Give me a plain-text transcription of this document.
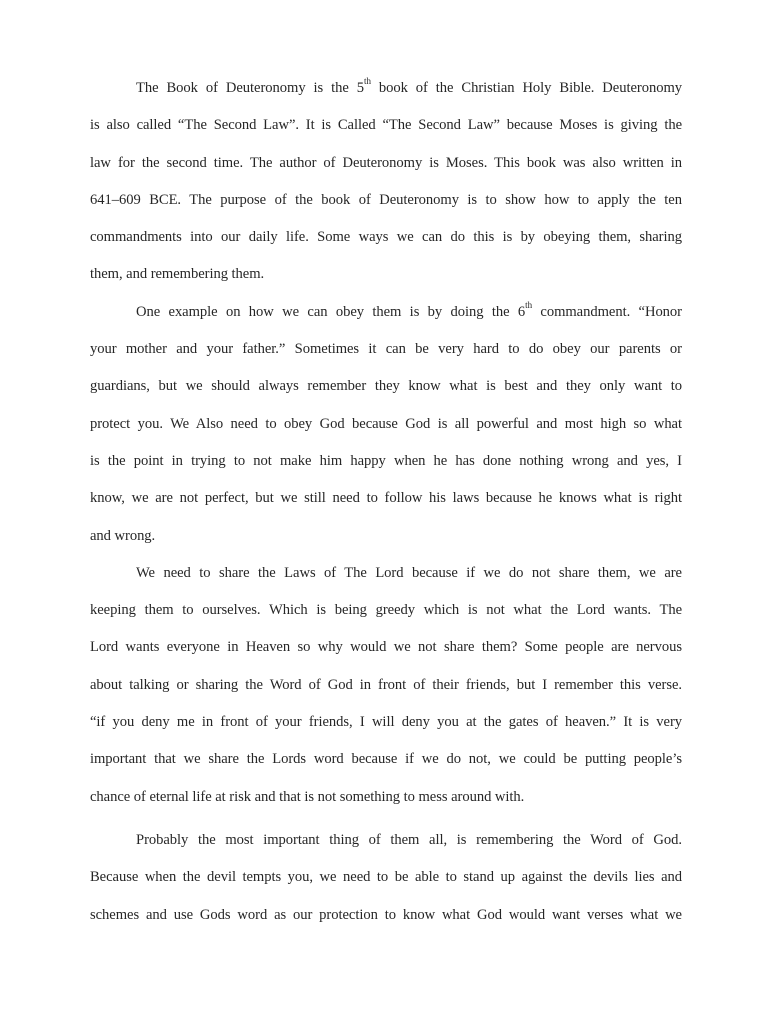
The Book of Deuteronomy is the 5th book of the Christian Holy Bible. Deuteronomy
is also called “The Second Law”. It is Called “The Second Law” because Moses is giving the
law for the second time. The author of Deuteronomy is Moses. This book was also written in
641–609 BCE. The purpose of the book of Deuteronomy is to show how to apply the ten
commandments into our daily life. Some ways we can do this is by obeying them, sharing
them, and remembering them.
One example on how we can obey them is by doing the 6th commandment. “Honor
your mother and your father.” Sometimes it can be very hard to do obey our parents or
guardians, but we should always remember they know what is best and they only want to
protect you. We Also need to obey God because God is all powerful and most high so what
is the point in trying to not make him happy when he has done nothing wrong and yes, I
know, we are not perfect, but we still need to follow his laws because he knows what is right
and wrong.
We need to share the Laws of The Lord because if we do not share them, we are
keeping them to ourselves. Which is being greedy which is not what the Lord wants. The
Lord wants everyone in Heaven so why would we not share them? Some people are nervous
about talking or sharing the Word of God in front of their friends, but I remember this verse.
“if you deny me in front of your friends, I will deny you at the gates of heaven.” It is very
important that we share the Lords word because if we do not, we could be putting people’s
chance of eternal life at risk and that is not something to mess around with.
Probably the most important thing of them all, is remembering the Word of God.
Because when the devil tempts you, we need to be able to stand up against the devils lies and
schemes and use Gods word as our protection to know what God would want verses what we
